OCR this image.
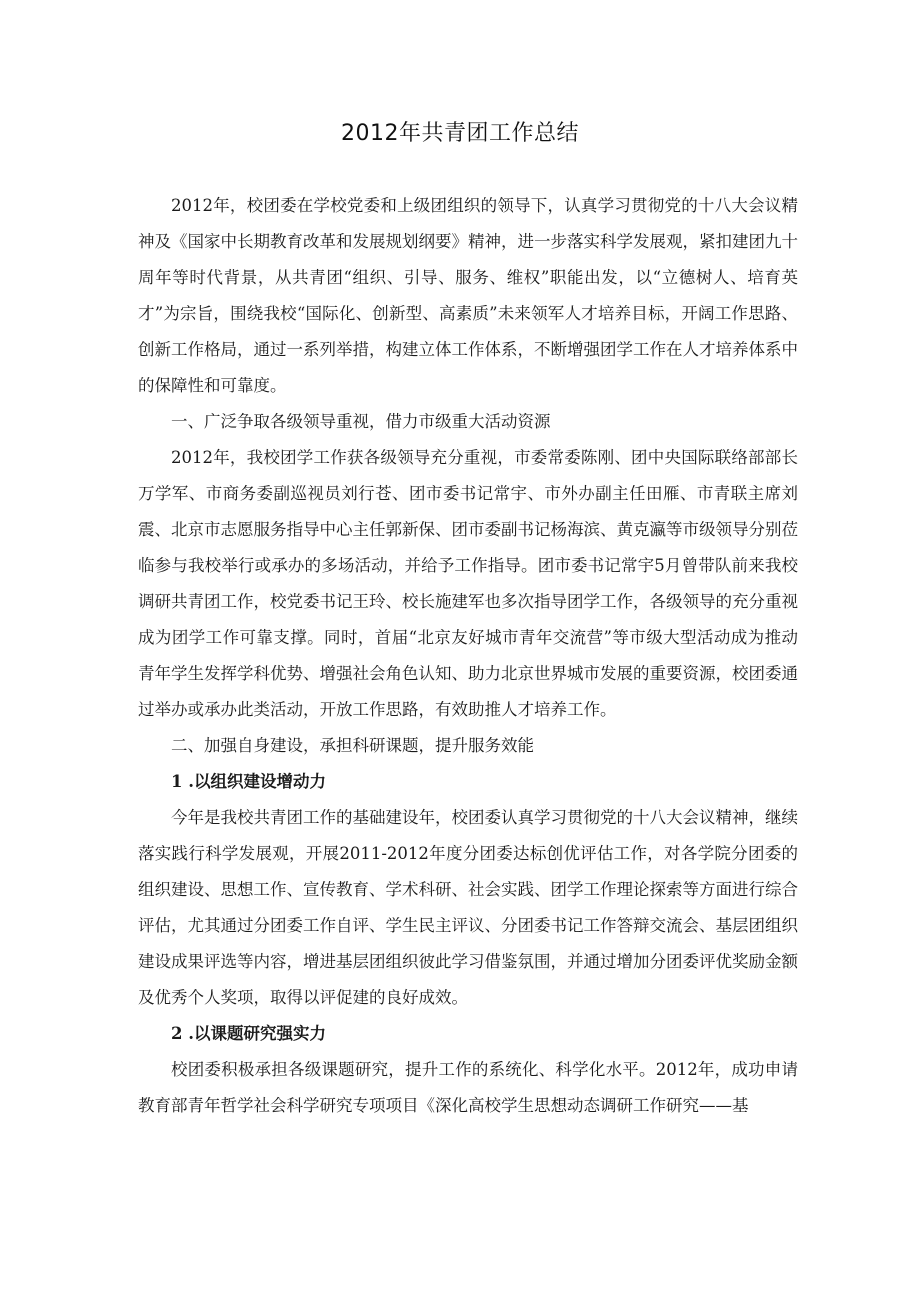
2012年共青团工作总结

2012年，校团委在学校党委和上级团组织的领导下，认真学习贯彻党的十八大会议精神及《国家中长期教育改革和发展规划纲要》精神，进一步落实科学发展观，紧扣建团九十周年等时代背景，从共青团“组织、引导、服务、维权”职能出发，以“立德树人、培育英才”为宗旨，围绕我校“国际化、创新型、高素质”未来领军人才培养目标，开阔工作思路、创新工作格局，通过一系列举措，构建立体工作体系，不断增强团学工作在人才培养体系中的保障性和可靠度。

一、广泛争取各级领导重视，借力市级重大活动资源

2012年，我校团学工作获各级领导充分重视，市委常委陈刚、团中央国际联络部部长万学军、市商务委副巡视员刘行苍、团市委书记常宇、市外办副主任田雁、市青联主席刘震、北京市志愿服务指导中心主任郭新保、团市委副书记杨海滨、黄克瀛等市级领导分别莅临参与我校举行或承办的多场活动，并给予工作指导。团市委书记常宇5月曾带队前来我校调研共青团工作，校党委书记王玲、校长施建军也多次指导团学工作，各级领导的充分重视成为团学工作可靠支撑。同时，首届“北京友好城市青年交流营”等市级大型活动成为推动青年学生发挥学科优势、增强社会角色认知、助力北京世界城市发展的重要资源，校团委通过举办或承办此类活动，开放工作思路，有效助推人才培养工作。

二、加强自身建设，承担科研课题，提升服务效能

1 .以组织建设增动力

今年是我校共青团工作的基础建设年，校团委认真学习贯彻党的十八大会议精神，继续落实践行科学发展观，开展2011-2012年度分团委达标创优评估工作，对各学院分团委的组织建设、思想工作、宣传教育、学术科研、社会实践、团学工作理论探索等方面进行综合评估，尤其通过分团委工作自评、学生民主评议、分团委书记工作答辩交流会、基层团组织建设成果评选等内容，增进基层团组织彼此学习借鉴氛围，并通过增加分团委评优奖励金额及优秀个人奖项，取得以评促建的良好成效。

2 .以课题研究强实力

校团委积极承担各级课题研究，提升工作的系统化、科学化水平。2012年，成功申请教育部青年哲学社会科学研究专项项目《深化高校学生思想动态调研工作研究——基
